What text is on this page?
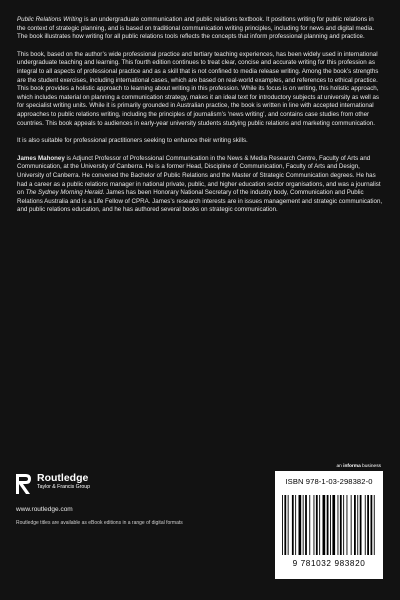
Public Relations Writing is an undergraduate communication and public relations textbook. It positions writing for public relations in the context of strategic planning, and is based on traditional communication writing principles, including for news and digital media. The book illustrates how writing for all public relations tools reflects the concepts that inform professional planning and practice.

This book, based on the author’s wide professional practice and tertiary teaching experiences, has been widely used in international undergraduate teaching and learning. This fourth edition continues to treat clear, concise and accurate writing for this profession as integral to all aspects of professional practice and as a skill that is not confined to media release writing. Among the book’s strengths are the student exercises, including international cases, which are based on real-world examples, and references to ethical practice. This book provides a holistic approach to learning about writing in this profession. While its focus is on writing, this holistic approach, which includes material on planning a communication strategy, makes it an ideal text for introductory subjects at university as well as for specialist writing units. While it is primarily grounded in Australian practice, the book is written in line with accepted international approaches to public relations writing, including the principles of journalism’s ‘news writing’, and contains case studies from other countries. This book appeals to audiences in early-year university students studying public relations and marketing communication.

It is also suitable for professional practitioners seeking to enhance their writing skills.

James Mahoney is Adjunct Professor of Professional Communication in the News & Media Research Centre, Faculty of Arts and Communication, at the University of Canberra. He is a former Head, Discipline of Communication, Faculty of Arts and Design, University of Canberra. He convened the Bachelor of Public Relations and the Master of Strategic Communication degrees. He has had a career as a public relations manager in national private, public, and higher education sector organisations, and was a journalist on The Sydney Morning Herald. James has been Honorary National Secretary of the industry body, Communication and Public Relations Australia and is a Life Fellow of CPRA. James’s research interests are in issues management and strategic communication, and public relations education, and he has authored several books on strategic communication.

Routledge
Taylor & Francis Group
www.routledge.com
Routledge titles are available as eBook editions in a range of digital formats
an informa business
ISBN 978-1-03-298382-0
9 781032 983820
